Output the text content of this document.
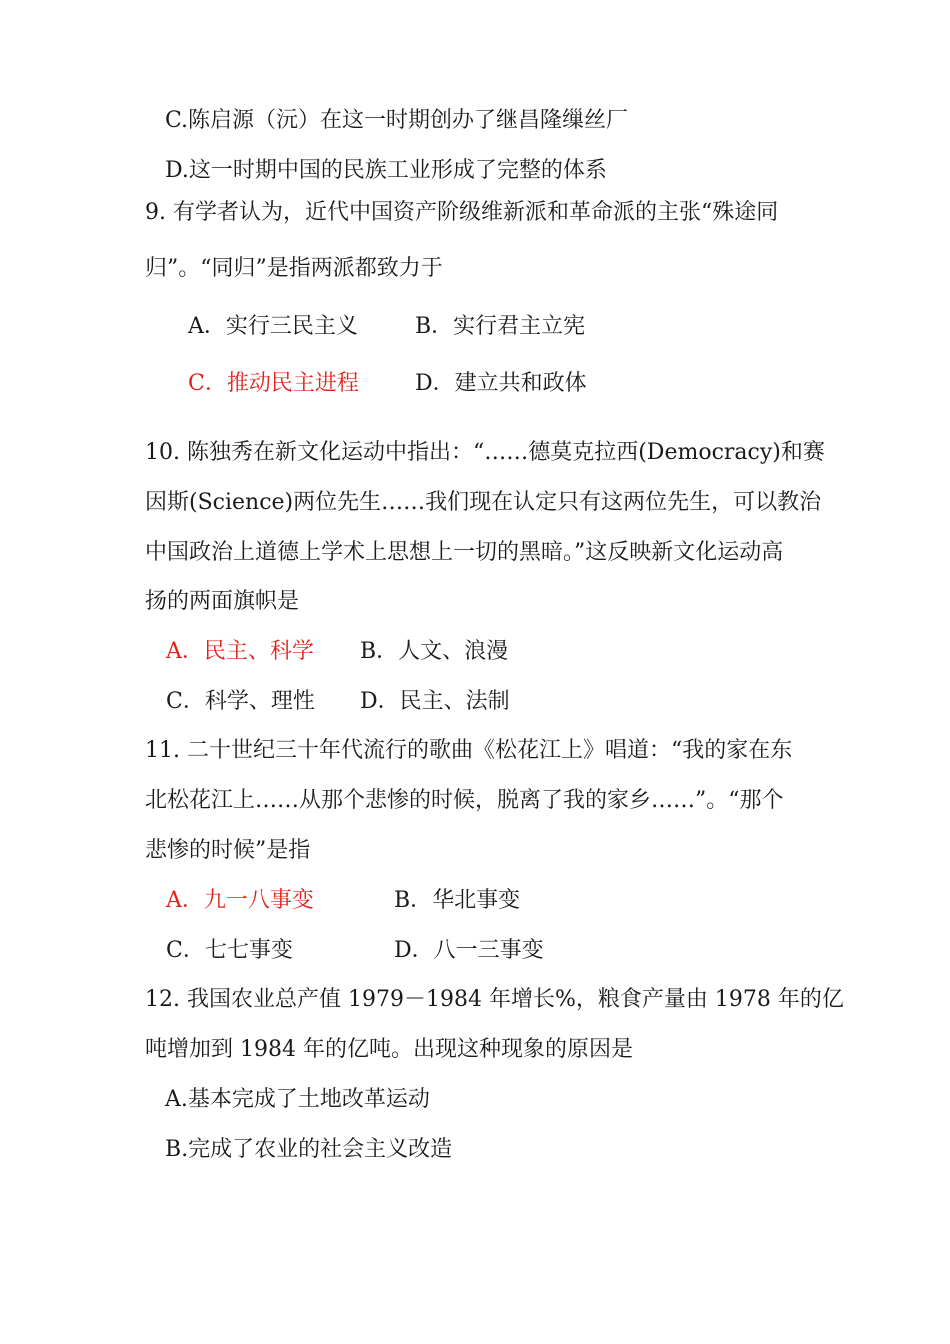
C.陈启源（沅）在这一时期创办了继昌隆缫丝厂
D.这一时期中国的民族工业形成了完整的体系
9. 有学者认为，近代中国资产阶级维新派和革命派的主张“殊途同
归”。“同归”是指两派都致力于
A．实行三民主义	B．实行君主立宪
C．推动民主进程	D．建立共和政体
10. 陈独秀在新文化运动中指出：“……德莫克拉西(Democracy)和赛
因斯(Science)两位先生……我们现在认定只有这两位先生，可以教治
中国政治上道德上学术上思想上一切的黑暗。”这反映新文化运动高
扬的两面旗帜是
A．民主、科学 B．人文、浪漫
C．科学、理性 D．民主、法制
11. 二十世纪三十年代流行的歌曲《松花江上》唱道：“我的家在东
北松花江上……从那个悲惨的时候，脱离了我的家乡……”。“那个
悲惨的时候”是指
A．九一八事变	B．华北事变
C．七七事变	D．八一三事变
12. 我国农业总产值 1979－1984 年增长%，粮食产量由 1978 年的亿
吨增加到 1984 年的亿吨。出现这种现象的原因是
A.基本完成了土地改革运动
B.完成了农业的社会主义改造
